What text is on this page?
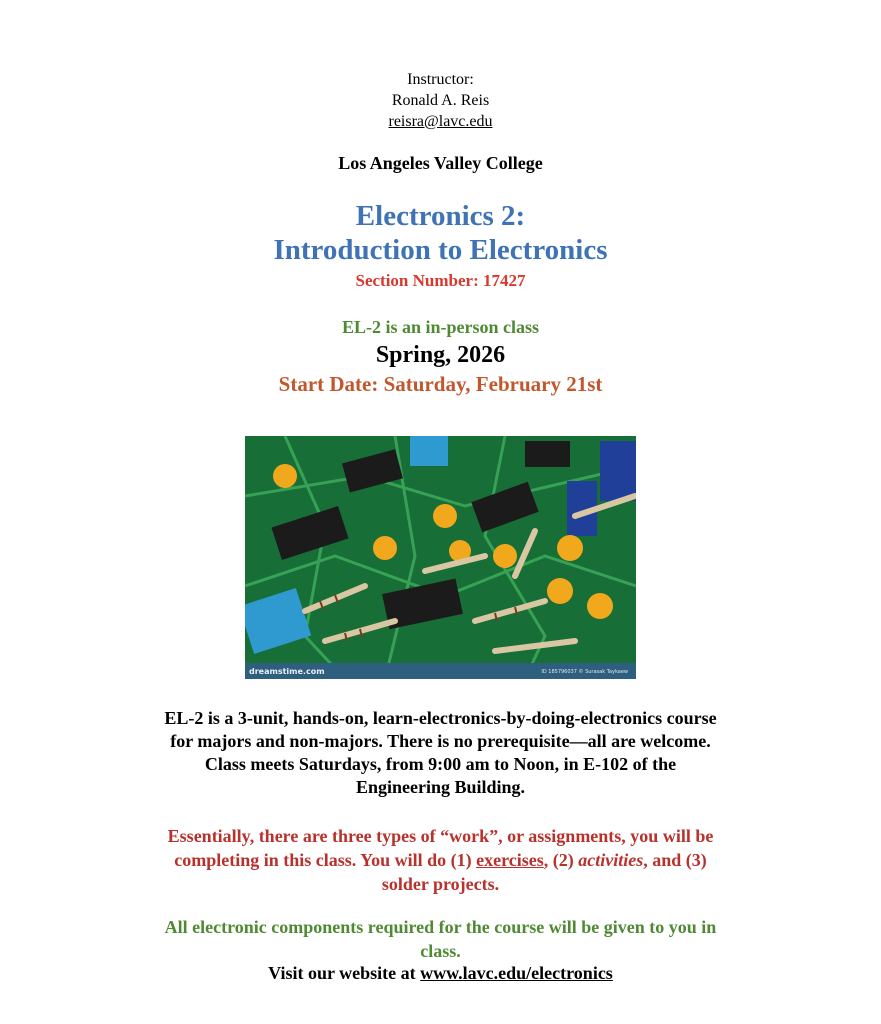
Instructor:
Ronald A. Reis
reisra@lavc.edu
Los Angeles Valley College
Electronics 2:
Introduction to Electronics
Section Number: 17427
EL-2 is an in-person class
Spring, 2026
Start Date: Saturday, February 21st
dreamstime.com	ID 185796037 © Surasak Taykaew
EL-2 is a 3-unit, hands-on, learn-electronics-by-doing-electronics course
for majors and non-majors. There is no prerequisite—all are welcome.
Class meets Saturdays, from 9:00 am to Noon, in E-102 of the
Engineering Building.
Essentially, there are three types of “work”, or assignments, you will be
completing in this class. You will do (1) exercises, (2) activities, and (3)
solder projects.
All electronic components required for the course will be given to you in
class.
Visit our website at www.lavc.edu/electronics
